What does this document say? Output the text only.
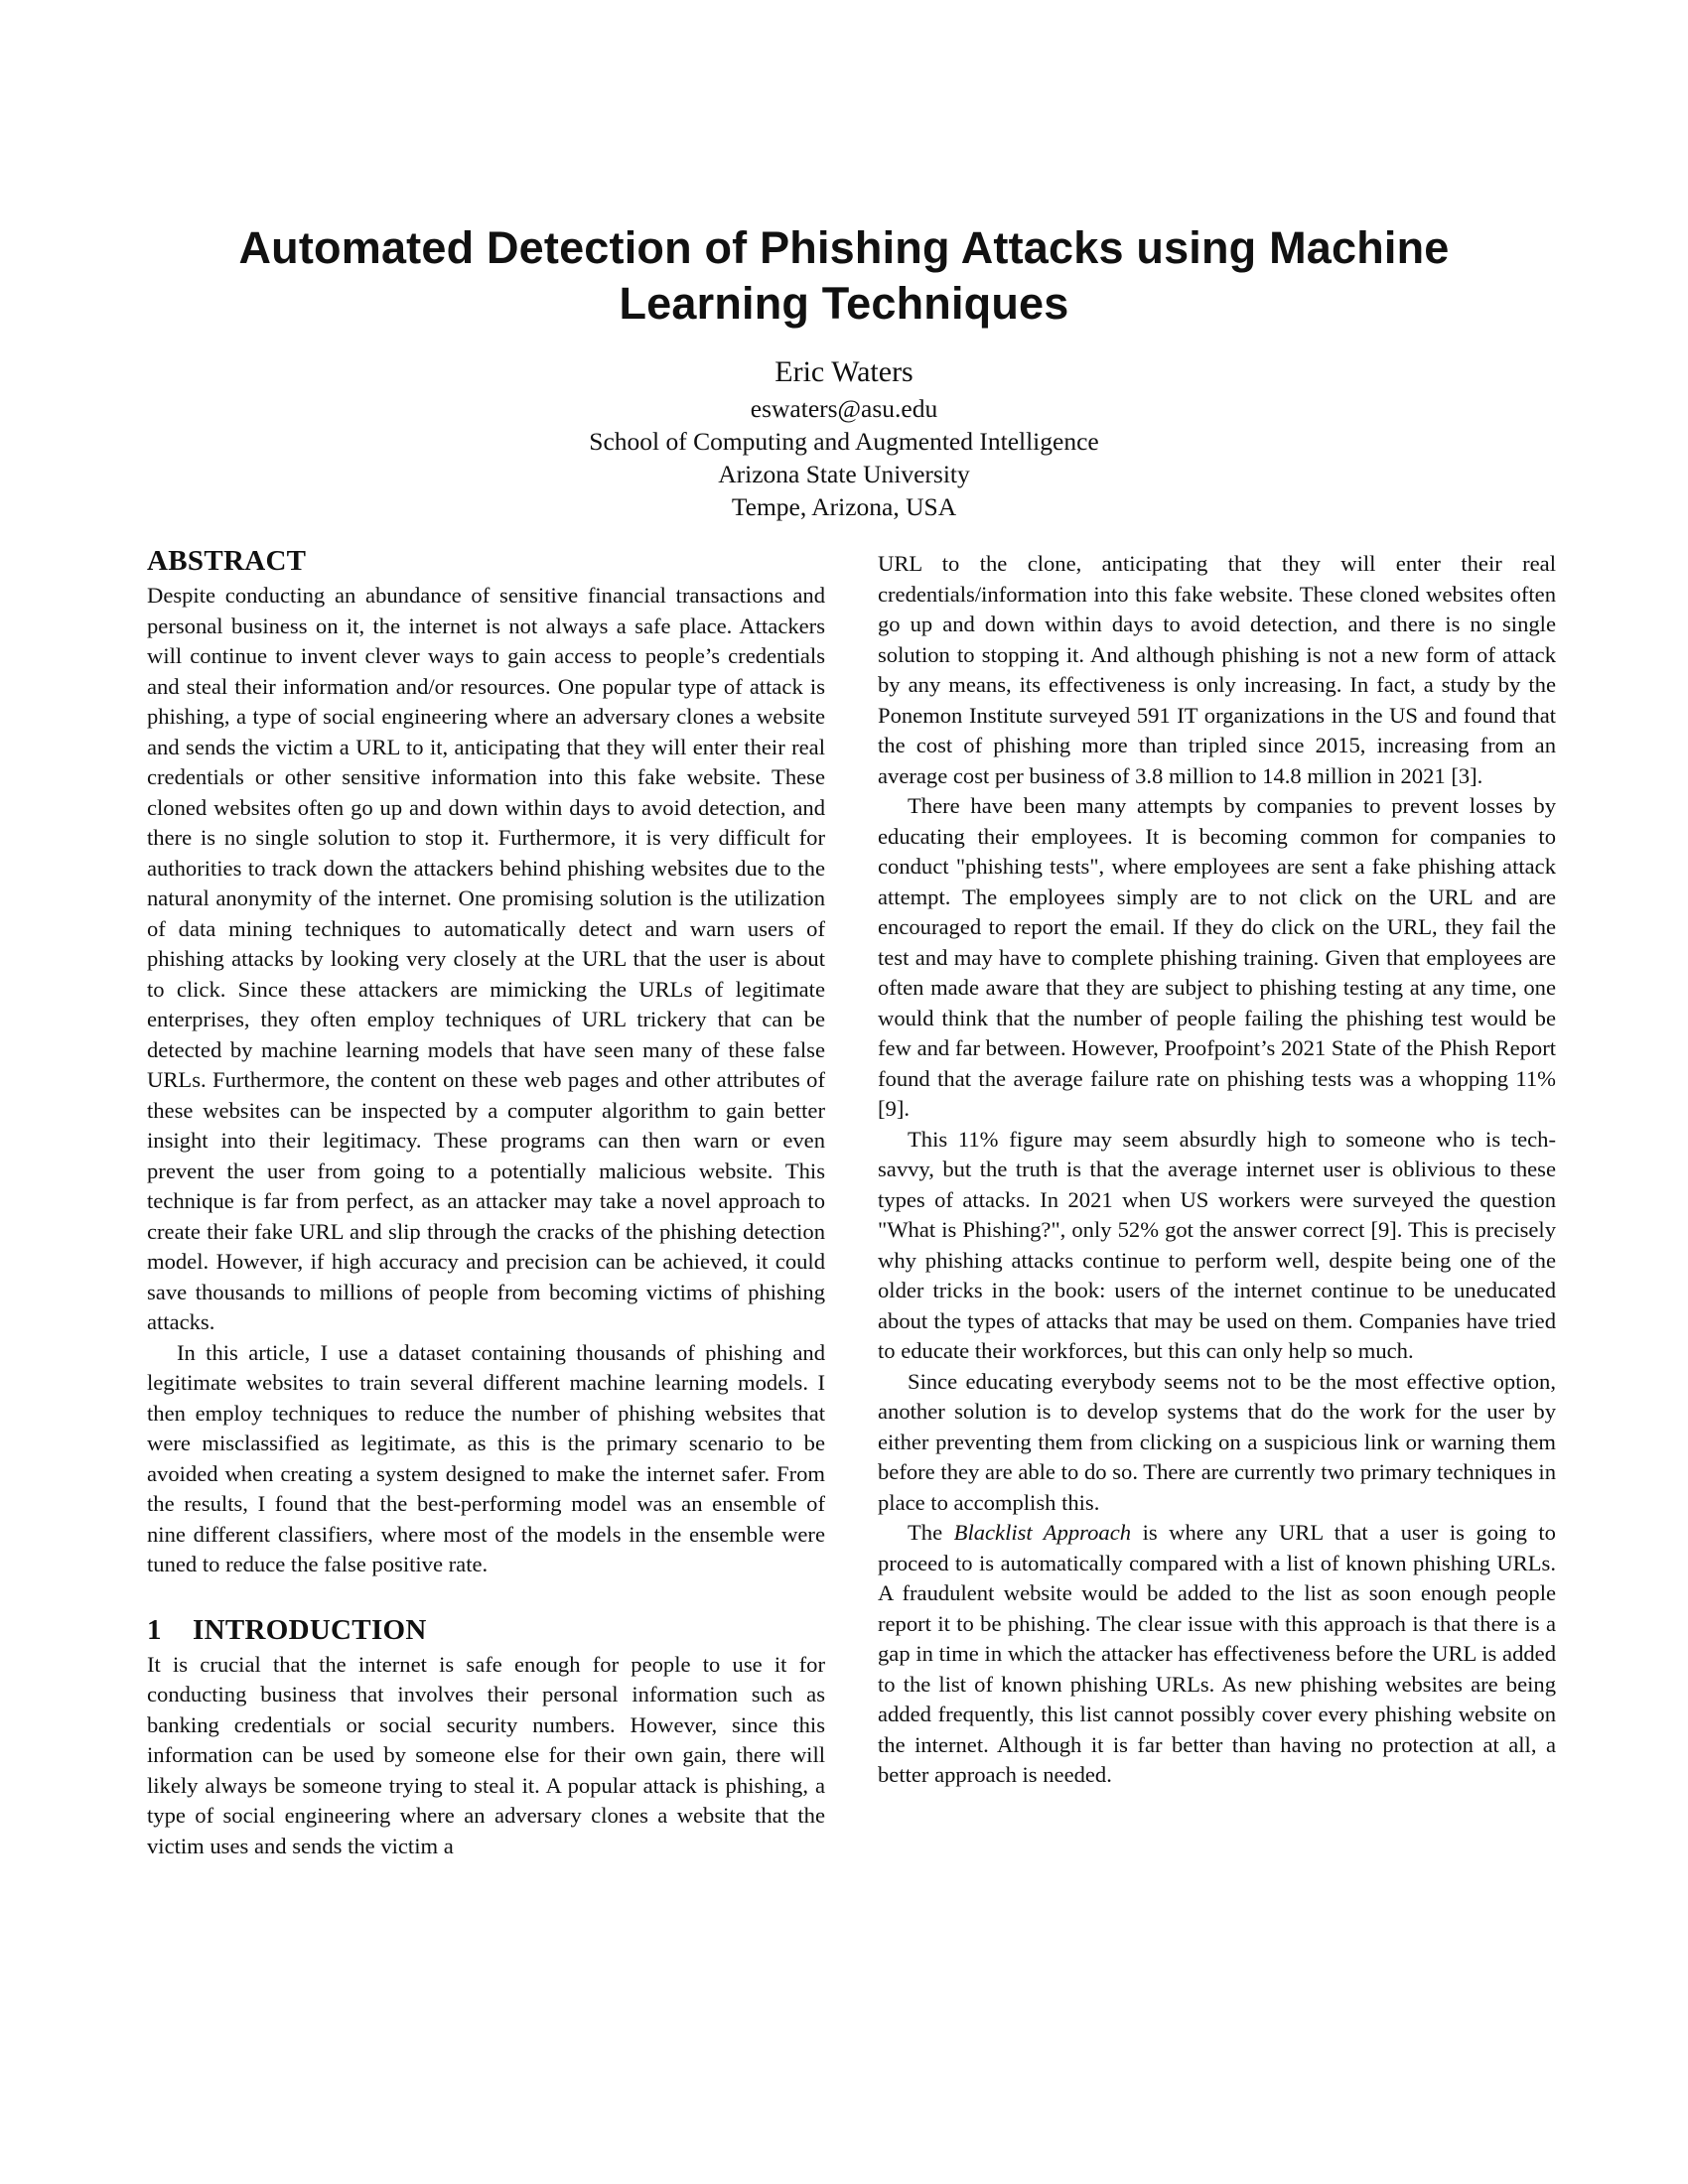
Automated Detection of Phishing Attacks using Machine Learning Techniques
Eric Waters
eswaters@asu.edu
School of Computing and Augmented Intelligence
Arizona State University
Tempe, Arizona, USA
ABSTRACT

Despite conducting an abundance of sensitive financial transactions and personal business on it, the internet is not always a safe place. Attackers will continue to invent clever ways to gain access to people’s credentials and steal their information and/or resources. One popular type of attack is phishing, a type of social engineering where an adversary clones a website and sends the victim a URL to it, anticipating that they will enter their real credentials or other sensitive information into this fake website. These cloned websites often go up and down within days to avoid detection, and there is no single solution to stop it. Furthermore, it is very difficult for authorities to track down the attackers behind phishing websites due to the natural anonymity of the internet. One promising solution is the utilization of data mining techniques to automatically detect and warn users of phishing attacks by looking very closely at the URL that the user is about to click. Since these attackers are mimicking the URLs of legitimate enterprises, they often employ techniques of URL trickery that can be detected by machine learning models that have seen many of these false URLs. Furthermore, the content on these web pages and other attributes of these websites can be inspected by a computer algorithm to gain better insight into their legitimacy. These programs can then warn or even prevent the user from going to a potentially malicious website. This technique is far from perfect, as an attacker may take a novel approach to create their fake URL and slip through the cracks of the phishing detection model. However, if high accuracy and precision can be achieved, it could save thousands to millions of people from becoming victims of phishing attacks.

In this article, I use a dataset containing thousands of phishing and legitimate websites to train several different machine learning models. I then employ techniques to reduce the number of phishing websites that were misclassified as legitimate, as this is the primary scenario to be avoided when creating a system designed to make the internet safer. From the results, I found that the best-performing model was an ensemble of nine different classifiers, where most of the models in the ensemble were tuned to reduce the false positive rate.

1 INTRODUCTION

It is crucial that the internet is safe enough for people to use it for conducting business that involves their personal information such as banking credentials or social security numbers. However, since this information can be used by someone else for their own gain, there will likely always be someone trying to steal it. A popular attack is phishing, a type of social engineering where an adversary clones a website that the victim uses and sends the victim a

URL to the clone, anticipating that they will enter their real credentials/information into this fake website. These cloned websites often go up and down within days to avoid detection, and there is no single solution to stopping it. And although phishing is not a new form of attack by any means, its effectiveness is only increasing. In fact, a study by the Ponemon Institute surveyed 591 IT organizations in the US and found that the cost of phishing more than tripled since 2015, increasing from an average cost per business of 3.8 million to 14.8 million in 2021 [3].

There have been many attempts by companies to prevent losses by educating their employees. It is becoming common for companies to conduct "phishing tests", where employees are sent a fake phishing attack attempt. The employees simply are to not click on the URL and are encouraged to report the email. If they do click on the URL, they fail the test and may have to complete phishing training. Given that employees are often made aware that they are subject to phishing testing at any time, one would think that the number of people failing the phishing test would be few and far between. However, Proofpoint’s 2021 State of the Phish Report found that the average failure rate on phishing tests was a whopping 11% [9].

This 11% figure may seem absurdly high to someone who is tech-savvy, but the truth is that the average internet user is oblivious to these types of attacks. In 2021 when US workers were surveyed the question "What is Phishing?", only 52% got the answer correct [9]. This is precisely why phishing attacks continue to perform well, despite being one of the older tricks in the book: users of the internet continue to be uneducated about the types of attacks that may be used on them. Companies have tried to educate their workforces, but this can only help so much.

Since educating everybody seems not to be the most effective option, another solution is to develop systems that do the work for the user by either preventing them from clicking on a suspicious link or warning them before they are able to do so. There are currently two primary techniques in place to accomplish this.

The Blacklist Approach is where any URL that a user is going to proceed to is automatically compared with a list of known phishing URLs. A fraudulent website would be added to the list as soon enough people report it to be phishing. The clear issue with this approach is that there is a gap in time in which the attacker has effectiveness before the URL is added to the list of known phishing URLs. As new phishing websites are being added frequently, this list cannot possibly cover every phishing website on the internet. Although it is far better than having no protection at all, a better approach is needed.
